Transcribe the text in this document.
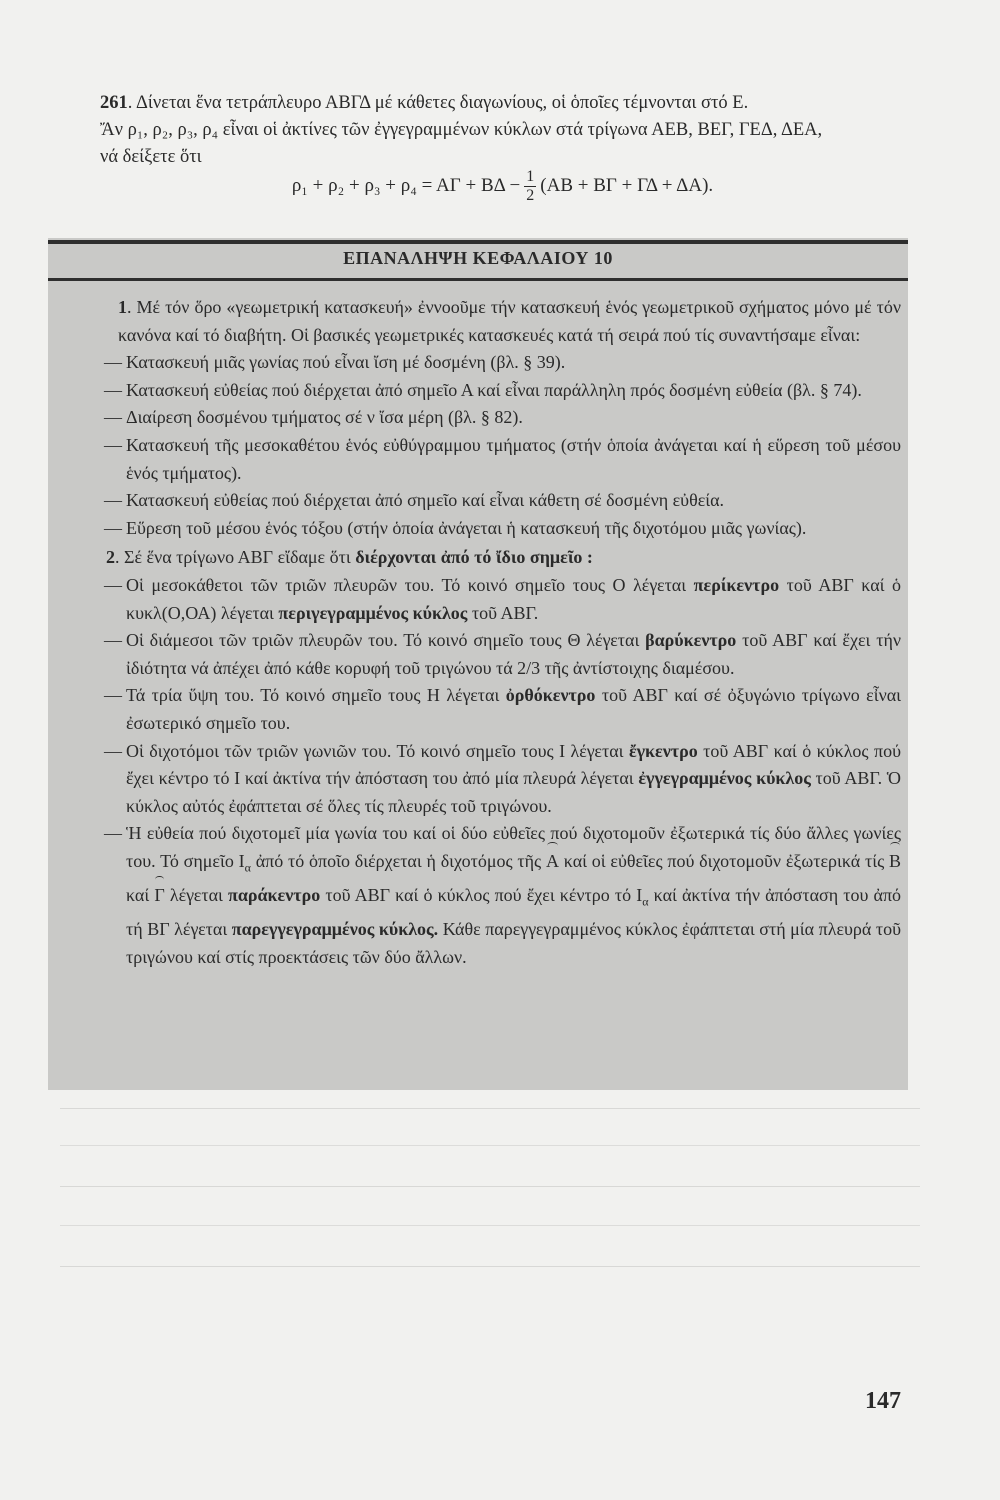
261. Δίνεται ἕνα τετράπλευρο ΑΒΓΔ μέ κάθετες διαγωνίους, οἱ ὁποῖες τέμνονται στό Ε.

Ἄν ρ₁, ρ₂, ρ₃, ρ₄ εἶναι οἱ ἀκτίνες τῶν ἐγγεγραμμένων κύκλων στά τρίγωνα ΑΕΒ, ΒΕΓ, ΓΕΔ, ΔΕΑ,

νά δείξετε ὅτι

$\rho_1 + \rho_2 + \rho_3 + \rho_4 = A\Gamma + B\Delta - \frac{1}{2} (AB + B\Gamma + \Gamma\Delta + \Delta A)$.
ΕΠΑΝΑΛΗΨΗ ΚΕΦΑΛΑΙΟΥ 10

1. Μέ τόν ὅρο «γεωμετρική κατασκευή» ἐννοοῦμε τήν κατασκευή ἑνός γεωμετρικοῦ σχήματος μόνο μέ τόν κανόνα καί τό διαβήτη. Οἱ βασικές γεωμετρικές κατασκευές κατά τή σειρά πού τίς συναντήσαμε εἶναι:

— Κατασκευή μιᾶς γωνίας πού εἶναι ἴση μέ δοσμένη (βλ. § 39).

— Κατασκευή εὐθείας πού διέρχεται ἀπό σημεῖο Α καί εἶναι παράλληλη πρός δοσμένη εὐθεία (βλ. § 74).

— Διαίρεση δοσμένου τμήματος σέ ν ἴσα μέρη (βλ. § 82).

— Κατασκευή τῆς μεσοκαθέτου ἑνός εὐθύγραμμου τμήματος (στήν ὁποία ἀνάγεται καί ἡ εὕρεση τοῦ μέσου ἑνός τμήματος).

— Κατασκευή εὐθείας πού διέρχεται ἀπό σημεῖο καί εἶναι κάθετη σέ δοσμένη εὐθεία.

— Εὕρεση τοῦ μέσου ἑνός τόξου (στήν ὁποία ἀνάγεται ἡ κατασκευή τῆς διχοτόμου μιᾶς γωνίας).

2. Σέ ἕνα τρίγωνο ΑΒΓ εἴδαμε ὅτι διέρχονται ἀπό τό ἴδιο σημεῖο :

— Οἱ μεσοκάθετοι τῶν τριῶν πλευρῶν του. Τό κοινό σημεῖο τους Ο λέγεται περίκεντρο τοῦ ΑΒΓ καί ὁ κυκλ(Ο,ΟΑ) λέγεται περιγεγραμμένος κύκλος τοῦ ΑΒΓ.

— Οἱ διάμεσοι τῶν τριῶν πλευρῶν του. Τό κοινό σημεῖο τους Θ λέγεται βαρύκεντρο τοῦ ΑΒΓ καί ἔχει τήν ἰδιότητα νά ἀπέχει ἀπό κάθε κορυφή τοῦ τριγώνου τά 2/3 τῆς ἀντίστοιχης διαμέσου.

— Τά τρία ὕψη του. Τό κοινό σημεῖο τους Η λέγεται ὀρθόκεντρο τοῦ ΑΒΓ καί σέ ὀξυγώνιο τρίγωνο εἶναι ἐσωτερικό σημεῖο του.

— Οἱ διχοτόμοι τῶν τριῶν γωνιῶν του. Τό κοινό σημεῖο τους Ι λέγεται ἔγκεντρο τοῦ ΑΒΓ καί ὁ κύκλος πού ἔχει κέντρο τό Ι καί ἀκτίνα τήν ἀπόσταση του ἀπό μία πλευρά λέγεται ἐγγεγραμμένος κύκλος τοῦ ΑΒΓ. Ὁ κύκλος αὐτός ἐφάπτεται σέ ὅλες τίς πλευρές τοῦ τριγώνου.

— Ἡ εὐθεία πού διχοτομεῖ μία γωνία του καί οἱ δύο εὐθεῖες πού διχοτομοῦν ἐξωτερικά τίς δύο ἄλλες γωνίες του. Τό σημεῖο $I_\alpha$ ἀπό τό ὁποῖο διέρχεται ἡ διχοτόμος τῆς Α καί οἱ εὐθεῖες πού διχοτομοῦν ἐξωτερικά τίς Β καί Γ λέγεται παράκεντρο τοῦ ΑΒΓ καί ὁ κύκλος πού ἔχει κέντρο τό $I_\alpha$ καί ἀκτίνα τήν ἀπόσταση του ἀπό τή ΒΓ λέγεται παρεγγεγραμμένος κύκλος. Κάθε παρεγγεγραμμένος κύκλος ἐφάπτεται στή μία πλευρά τοῦ τριγώνου καί στίς προεκτάσεις τῶν δύο ἄλλων.

147
